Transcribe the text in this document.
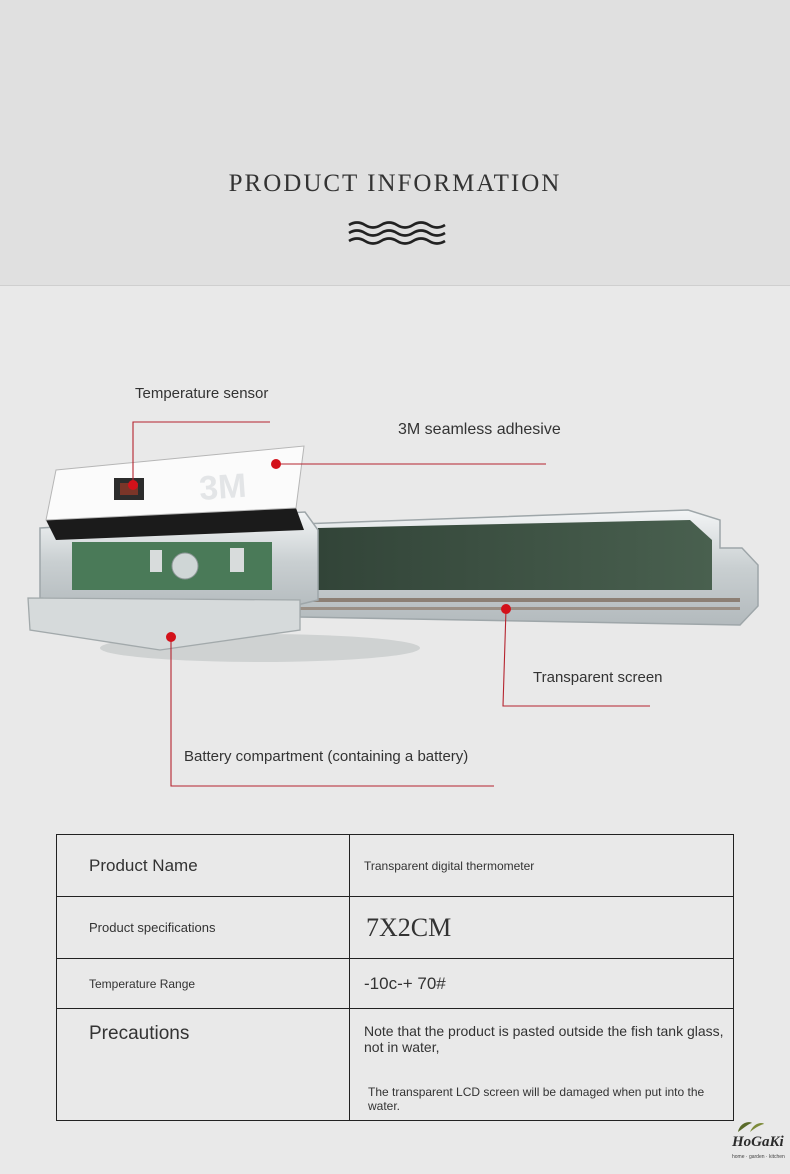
PRODUCT INFORMATION
3M
Temperature sensor
3M seamless adhesive
Transparent screen
Battery compartment (containing a battery)
Product Name	Transparent digital thermometer
Product specifications	7X2CM
Temperature Range	-10c-+ 70#
Precautions	Note that the product is pasted outside the fish tank glass, not in water,
The transparent LCD screen will be damaged when put into the water.
HoGaKi
home · garden · kitchen
